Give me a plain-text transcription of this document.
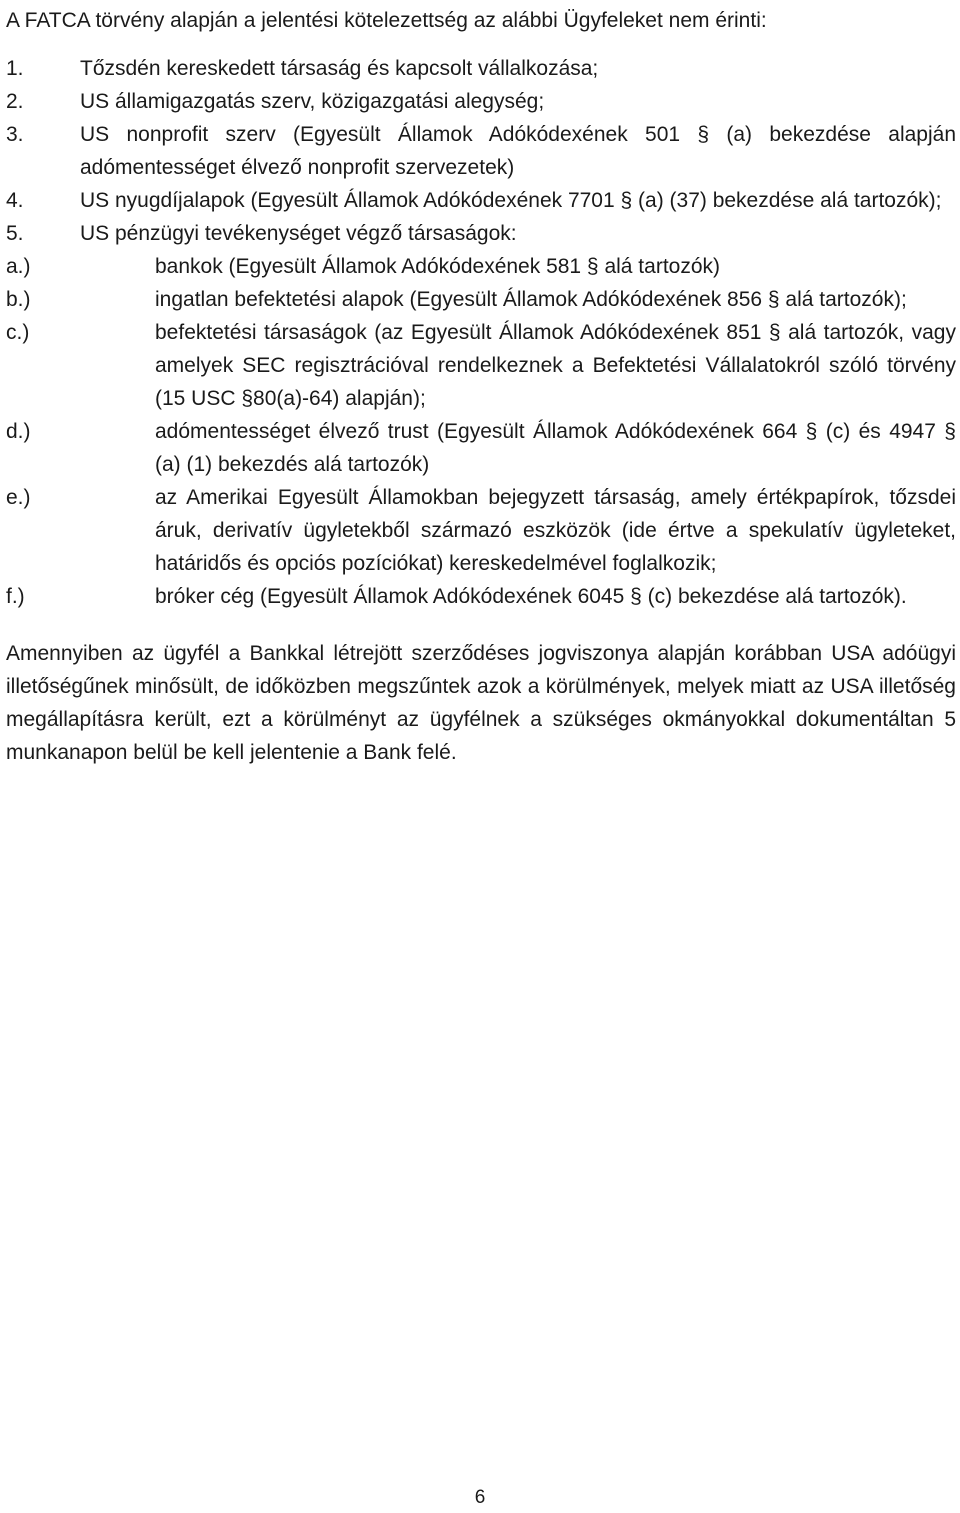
A FATCA törvény alapján a jelentési kötelezettség az alábbi Ügyfeleket nem érinti:

1.	Tőzsdén kereskedett társaság és kapcsolt vállalkozása;
2.	US államigazgatás szerv, közigazgatási alegység;
3.	US nonprofit szerv (Egyesült Államok Adókódexének 501 § (a) bekezdése alapján adómentességet élvező nonprofit szervezetek)
4.	US nyugdíjalapok (Egyesült Államok Adókódexének 7701 § (a) (37) bekezdése alá tartozók);
5.	US pénzügyi tevékenységet végző társaságok:
a.)	bankok (Egyesült Államok Adókódexének 581 § alá tartozók)
b.)	ingatlan befektetési alapok (Egyesült Államok Adókódexének 856 § alá tartozók);
c.)	befektetési társaságok (az Egyesült Államok Adókódexének 851 § alá tartozók, vagy amelyek SEC regisztrációval rendelkeznek a Befektetési Vállalatokról szóló törvény (15 USC §80(a)-64) alapján);
d.)	adómentességet élvező trust (Egyesült Államok Adókódexének 664 § (c) és 4947 § (a) (1) bekezdés alá tartozók)
e.)	az Amerikai Egyesült Államokban bejegyzett társaság, amely értékpapírok, tőzsdei áruk, derivatív ügyletekből származó eszközök (ide értve a spekulatív ügyleteket, határidős és opciós pozíciókat) kereskedelmével foglalkozik;
f.)	bróker cég (Egyesült Államok Adókódexének 6045 § (c) bekezdése alá tartozók).

Amennyiben az ügyfél a Bankkal létrejött szerződéses jogviszonya alapján korábban USA adóügyi illetőségűnek minősült, de időközben megszűntek azok a körülmények, melyek miatt az USA illetőség megállapításra került, ezt a körülményt az ügyfélnek a szükséges okmányokkal dokumentáltan 5 munkanapon belül be kell jelentenie a Bank felé.

6
